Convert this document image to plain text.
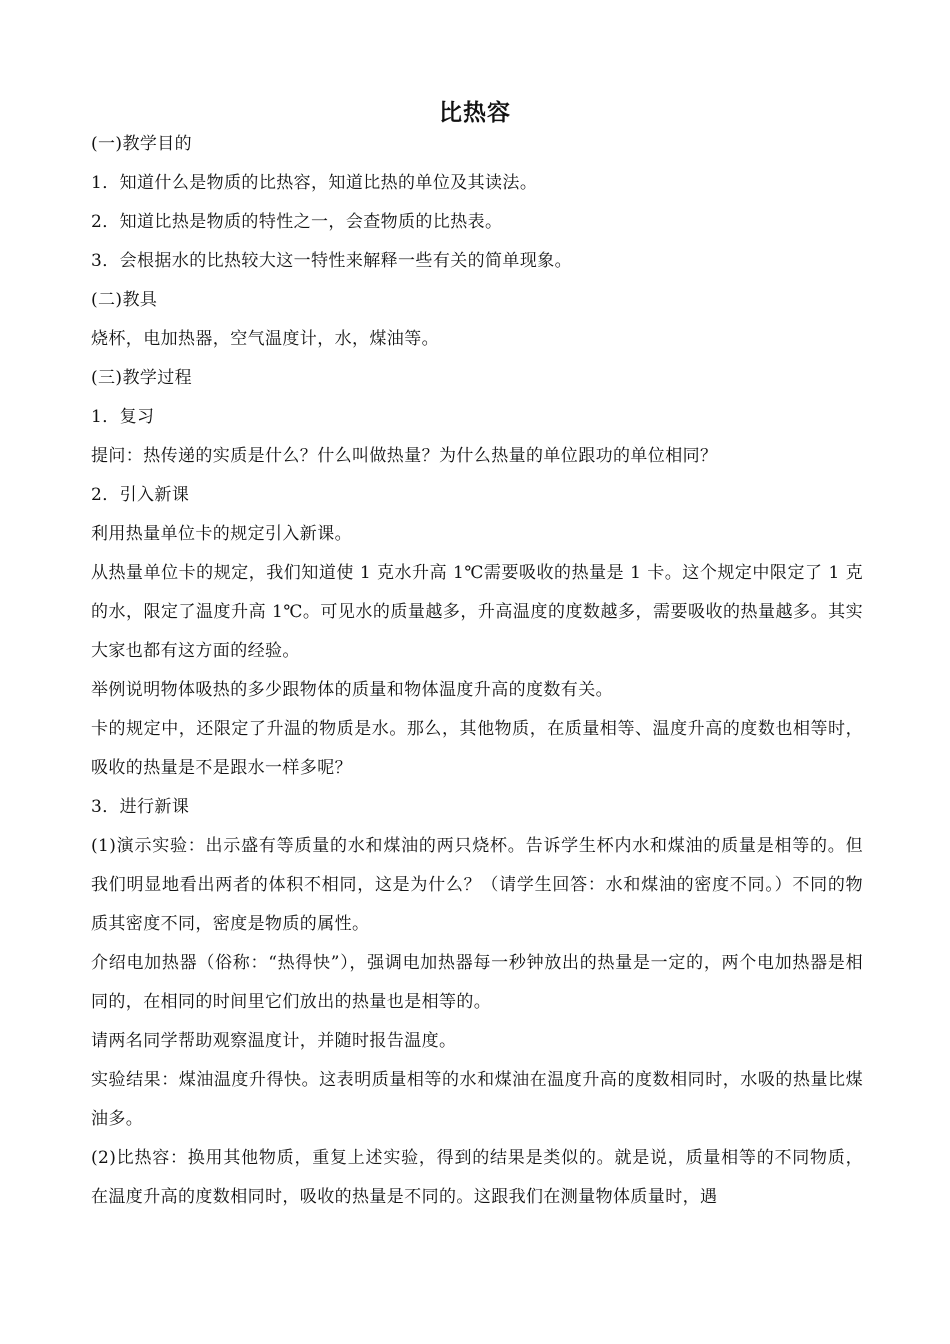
比热容

(一)教学目的

1．知道什么是物质的比热容，知道比热的单位及其读法。

2．知道比热是物质的特性之一，会查物质的比热表。

3．会根据水的比热较大这一特性来解释一些有关的简单现象。

(二)教具

烧杯，电加热器，空气温度计，水，煤油等。

(三)教学过程

1．复习

提问：热传递的实质是什么？什么叫做热量？为什么热量的单位跟功的单位相同？

2．引入新课

利用热量单位卡的规定引入新课。

从热量单位卡的规定，我们知道使 1 克水升高 1℃需要吸收的热量是 1 卡。这个规定中限定了 1 克的水，限定了温度升高 1℃。可见水的质量越多，升高温度的度数越多，需要吸收的热量越多。其实大家也都有这方面的经验。

举例说明物体吸热的多少跟物体的质量和物体温度升高的度数有关。

卡的规定中，还限定了升温的物质是水。那么，其他物质，在质量相等、温度升高的度数也相等时，吸收的热量是不是跟水一样多呢？

3．进行新课

(1)演示实验：出示盛有等质量的水和煤油的两只烧杯。告诉学生杯内水和煤油的质量是相等的。但我们明显地看出两者的体积不相同，这是为什么？（请学生回答：水和煤油的密度不同。）不同的物质其密度不同，密度是物质的属性。

介绍电加热器（俗称：“热得快”），强调电加热器每一秒钟放出的热量是一定的，两个电加热器是相同的，在相同的时间里它们放出的热量也是相等的。

请两名同学帮助观察温度计，并随时报告温度。

实验结果：煤油温度升得快。这表明质量相等的水和煤油在温度升高的度数相同时，水吸的热量比煤油多。

(2)比热容：换用其他物质，重复上述实验，得到的结果是类似的。就是说，质量相等的不同物质，在温度升高的度数相同时，吸收的热量是不同的。这跟我们在测量物体质量时，遇
